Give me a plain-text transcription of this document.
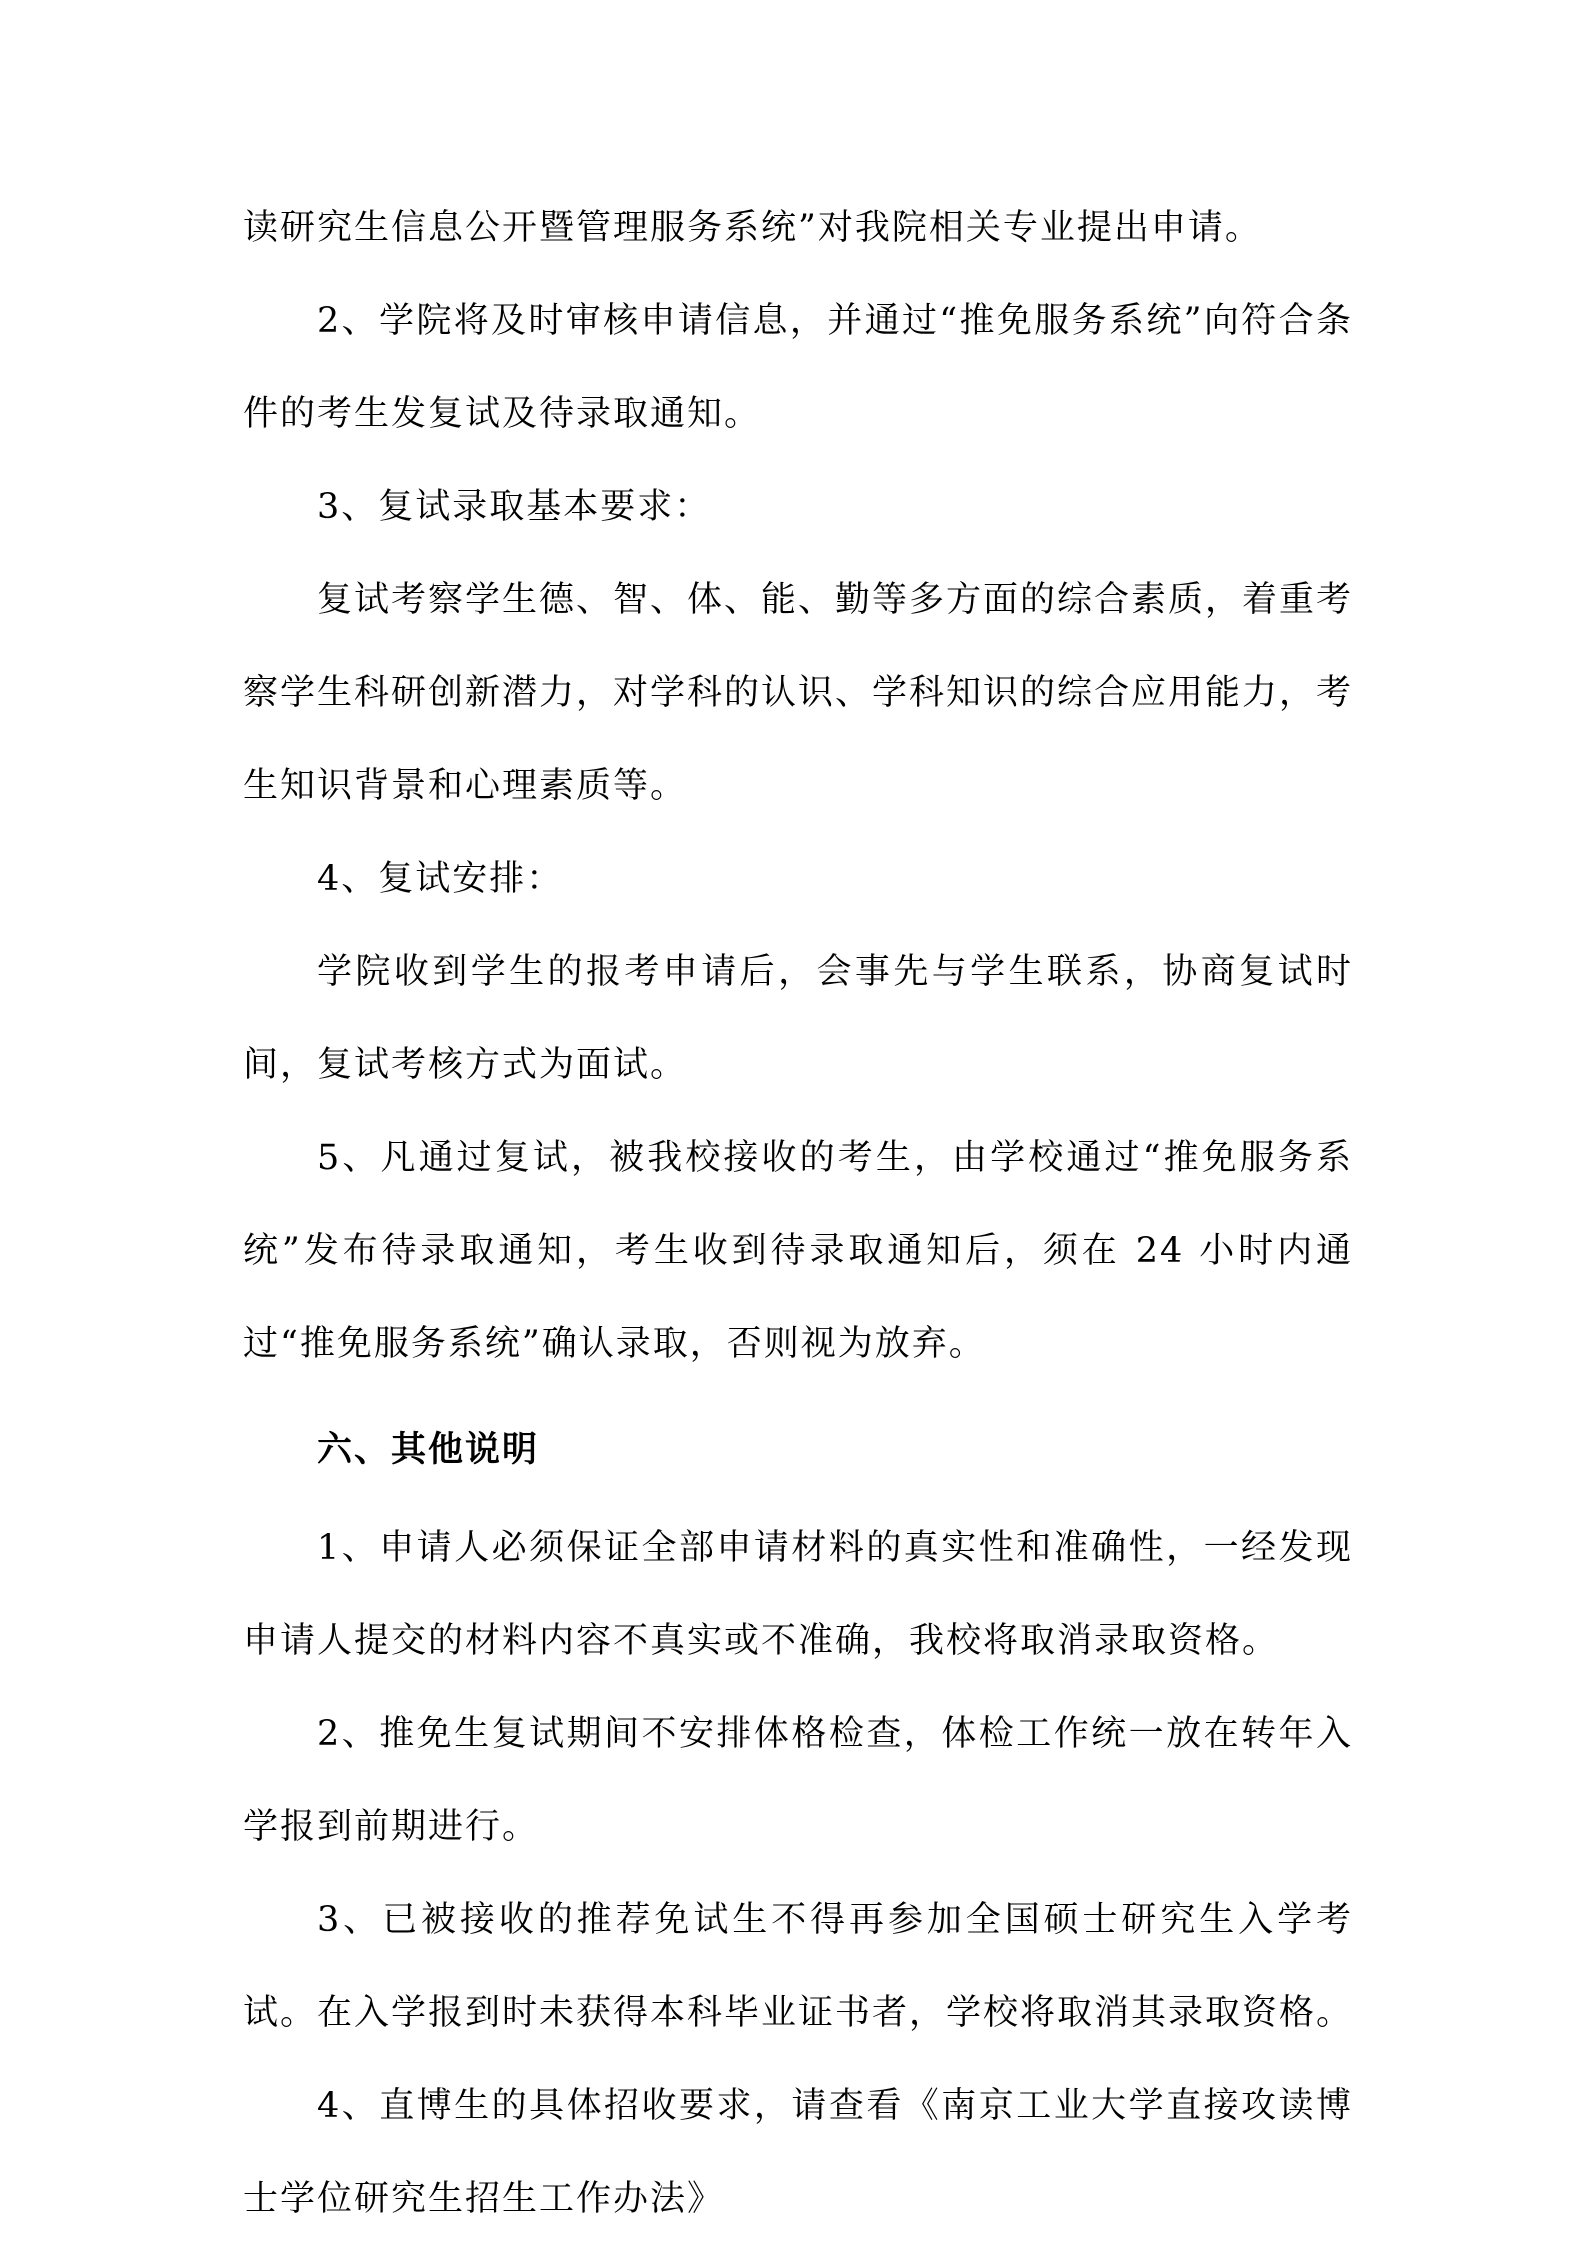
读研究生信息公开暨管理服务系统”对我院相关专业提出申请。

2、学院将及时审核申请信息，并通过“推免服务系统”向符合条件的考生发复试及待录取通知。

3、复试录取基本要求：

复试考察学生德、智、体、能、勤等多方面的综合素质，着重考察学生科研创新潜力，对学科的认识、学科知识的综合应用能力，考生知识背景和心理素质等。

4、复试安排：

学院收到学生的报考申请后，会事先与学生联系，协商复试时间，复试考核方式为面试。

5、凡通过复试，被我校接收的考生，由学校通过“推免服务系统”发布待录取通知，考生收到待录取通知后，须在 24 小时内通过“推免服务系统”确认录取，否则视为放弃。

六、其他说明

1、申请人必须保证全部申请材料的真实性和准确性，一经发现申请人提交的材料内容不真实或不准确，我校将取消录取资格。

2、推免生复试期间不安排体格检查，体检工作统一放在转年入学报到前期进行。

3、已被接收的推荐免试生不得再参加全国硕士研究生入学考试。在入学报到时未获得本科毕业证书者，学校将取消其录取资格。

4、直博生的具体招收要求，请查看《南京工业大学直接攻读博士学位研究生招生工作办法》
